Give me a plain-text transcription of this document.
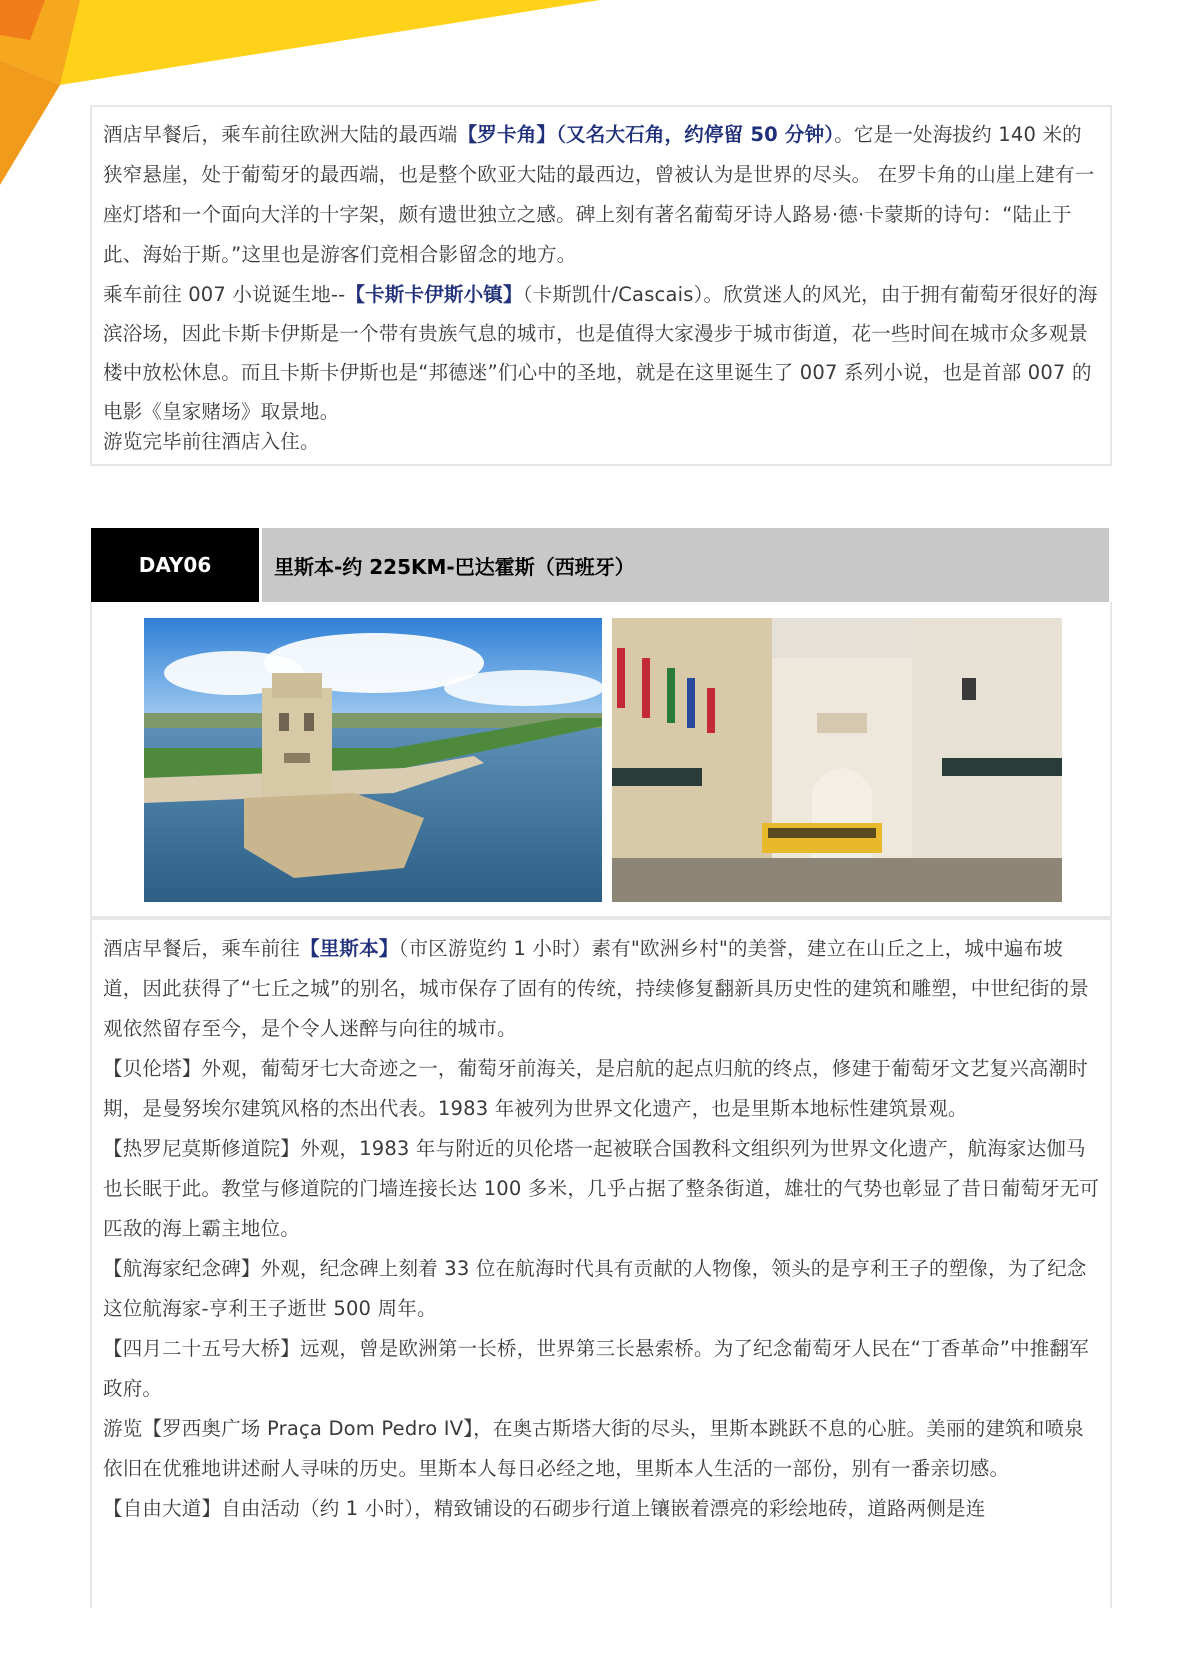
酒店早餐后，乘车前往欧洲大陆的最西端【罗卡角】（又名大石角，约停留 50 分钟）。它是一处海拔约 140 米的狭窄悬崖，处于葡萄牙的最西端，也是整个欧亚大陆的最西边，曾被认为是世界的尽头。 在罗卡角的山崖上建有一座灯塔和一个面向大洋的十字架，颇有遗世独立之感。碑上刻有著名葡萄牙诗人路易·德·卡蒙斯的诗句：“陆止于此、海始于斯。”这里也是游客们竞相合影留念的地方。

乘车前往 007 小说诞生地--【卡斯卡伊斯小镇】（卡斯凯什/Cascais）。欣赏迷人的风光，由于拥有葡萄牙很好的海滨浴场，因此卡斯卡伊斯是一个带有贵族气息的城市，也是值得大家漫步于城市街道，花一些时间在城市众多观景楼中放松休息。而且卡斯卡伊斯也是“邦德迷”们心中的圣地，就是在这里诞生了 007 系列小说，也是首部 007 的电影《皇家赌场》取景地。

游览完毕前往酒店入住。

DAY06	里斯本-约 225KM-巴达霍斯（西班牙）

酒店早餐后，乘车前往【里斯本】（市区游览约 1 小时）素有"欧洲乡村"的美誉，建立在山丘之上，城中遍布坡道，因此获得了“七丘之城”的别名，城市保存了固有的传统，持续修复翻新具历史性的建筑和雕塑，中世纪街的景观依然留存至今，是个令人迷醉与向往的城市。

【贝伦塔】外观，葡萄牙七大奇迹之一，葡萄牙前海关，是启航的起点归航的终点，修建于葡萄牙文艺复兴高潮时期，是曼努埃尔建筑风格的杰出代表。1983 年被列为世界文化遗产，也是里斯本地标性建筑景观。

【热罗尼莫斯修道院】外观，1983 年与附近的贝伦塔一起被联合国教科文组织列为世界文化遗产，航海家达伽马也长眠于此。教堂与修道院的门墙连接长达 100 多米，几乎占据了整条街道，雄壮的气势也彰显了昔日葡萄牙无可匹敌的海上霸主地位。

【航海家纪念碑】外观，纪念碑上刻着 33 位在航海时代具有贡献的人物像，领头的是亨利王子的塑像，为了纪念这位航海家-亨利王子逝世 500 周年。

【四月二十五号大桥】远观，曾是欧洲第一长桥，世界第三长悬索桥。为了纪念葡萄牙人民在“丁香革命”中推翻军政府。

游览【罗西奥广场 Praça Dom Pedro IV】，在奥古斯塔大街的尽头，里斯本跳跃不息的心脏。美丽的建筑和喷泉依旧在优雅地讲述耐人寻味的历史。里斯本人每日必经之地，里斯本人生活的一部份，别有一番亲切感。

【自由大道】自由活动（约 1 小时），精致铺设的石砌步行道上镶嵌着漂亮的彩绘地砖，道路两侧是连
